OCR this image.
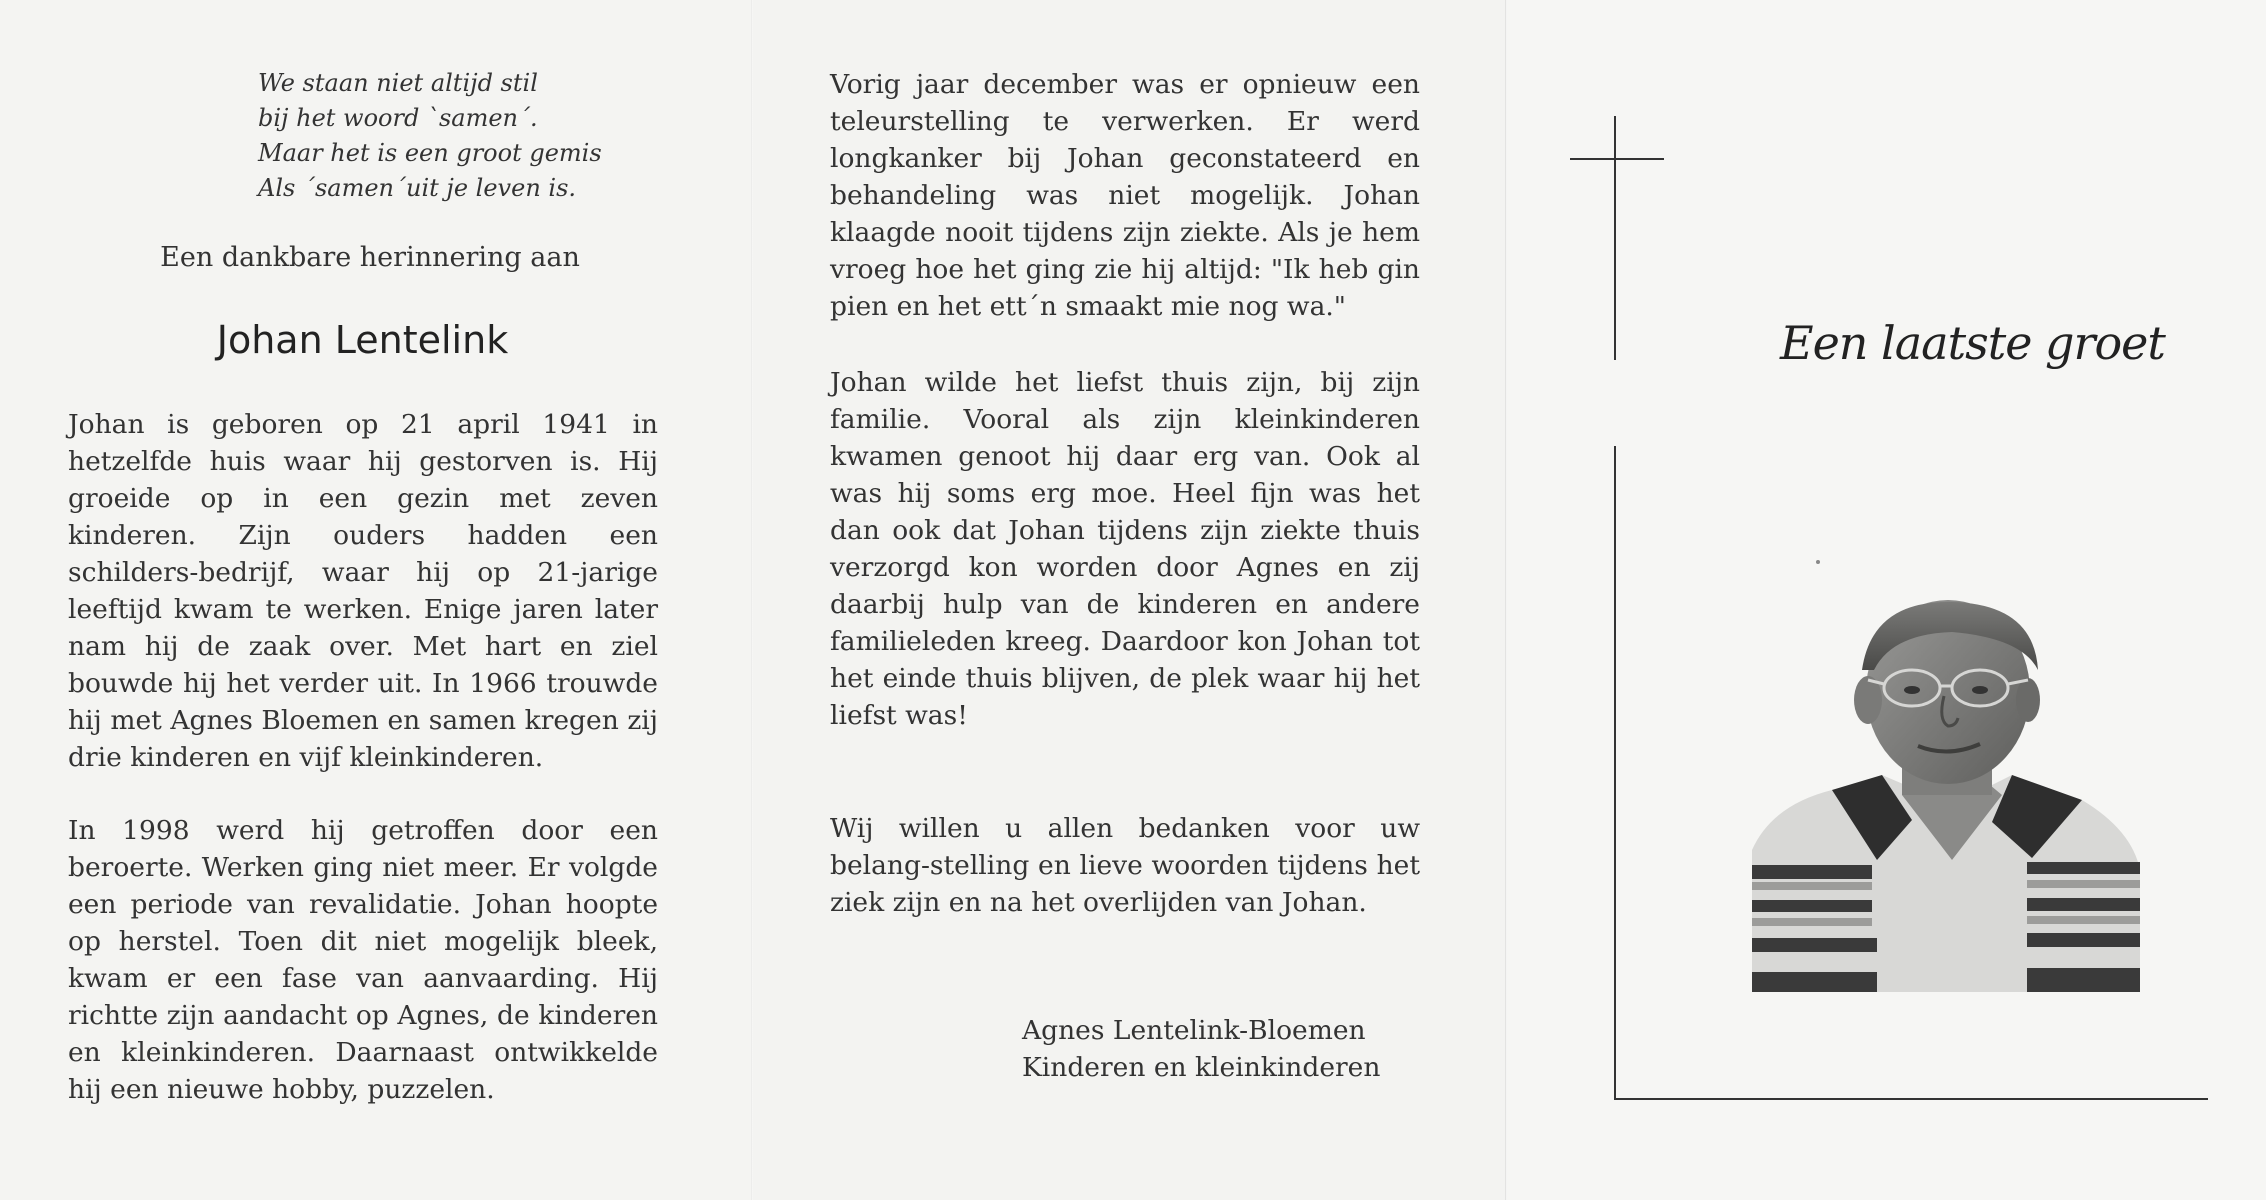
We staan niet altijd stil
bij het woord `samen´.
Maar het is een groot gemis
Als ´samen´uit je leven is.
Een dankbare herinnering aan
Johan Lentelink
Johan is geboren op 21 april 1941 in hetzelfde huis waar hij gestorven is. Hij groeide op in een gezin met zeven kinderen. Zijn ouders hadden een schilders-bedrijf, waar hij op 21-jarige leeftijd kwam te werken. Enige jaren later nam hij de zaak over. Met hart en ziel bouwde hij het verder uit. In 1966 trouwde hij met Agnes Bloemen en samen kregen zij drie kinderen en vijf kleinkinderen.
In 1998 werd hij getroffen door een beroerte. Werken ging niet meer. Er volgde een periode van revalidatie. Johan hoopte op herstel. Toen dit niet mogelijk bleek, kwam er een fase van aanvaarding. Hij richtte zijn aandacht op Agnes, de kinderen en kleinkinderen. Daarnaast ontwikkelde hij een nieuwe hobby, puzzelen.
Vorig jaar december was er opnieuw een teleurstelling te verwerken. Er werd longkanker bij Johan geconstateerd en behandeling was niet mogelijk. Johan klaagde nooit tijdens zijn ziekte. Als je hem vroeg hoe het ging zie hij altijd: "Ik heb gin pien en het ett´n smaakt mie nog wa."
Johan wilde het liefst thuis zijn, bij zijn familie. Vooral als zijn kleinkinderen kwamen genoot hij daar erg van. Ook al was hij soms erg moe. Heel fijn was het dan ook dat Johan tijdens zijn ziekte thuis verzorgd kon worden door Agnes en zij daarbij hulp van de kinderen en andere familieleden kreeg. Daardoor kon Johan tot het einde thuis blijven, de plek waar hij het liefst was!
Wij willen u allen bedanken voor uw belang-stelling en lieve woorden tijdens het ziek zijn en na het overlijden van Johan.
Agnes Lentelink-Bloemen
Kinderen en kleinkinderen
Een laatste groet
